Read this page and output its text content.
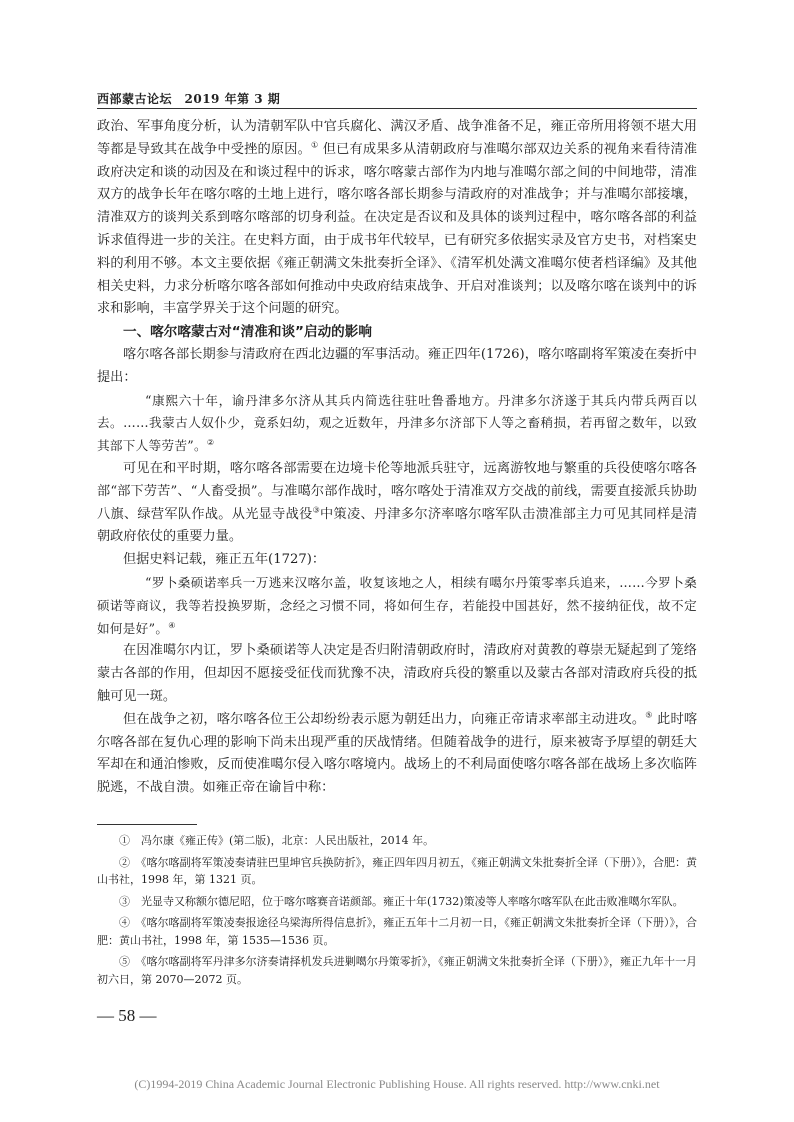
西部蒙古论坛　2019 年第 3 期

政治、军事角度分析，认为清朝军队中官兵腐化、满汉矛盾、战争准备不足，雍正帝所用将领不堪大用等都是导致其在战争中受挫的原因。① 但已有成果多从清朝政府与准噶尔部双边关系的视角来看待清准政府决定和谈的动因及在和谈过程中的诉求，喀尔喀蒙古部作为内地与准噶尔部之间的中间地带，清准双方的战争长年在喀尔喀的土地上进行，喀尔喀各部长期参与清政府的对准战争；并与准噶尔部接壤，清准双方的谈判关系到喀尔喀部的切身利益。在决定是否议和及具体的谈判过程中，喀尔喀各部的利益诉求值得进一步的关注。在史料方面，由于成书年代较早，已有研究多依据实录及官方史书，对档案史料的利用不够。本文主要依据《雍正朝满文朱批奏折全译》、《清军机处满文准噶尔使者档译编》及其他相关史料，力求分析喀尔喀各部如何推动中央政府结束战争、开启对准谈判；以及喀尔喀在谈判中的诉求和影响，丰富学界关于这个问题的研究。

一、喀尔喀蒙古对“清准和谈”启动的影响

喀尔喀各部长期参与清政府在西北边疆的军事活动。雍正四年(1726)，喀尔喀副将军策凌在奏折中提出：

“康熙六十年，谕丹津多尔济从其兵内简选往驻吐鲁番地方。丹津多尔济遂于其兵内带兵两百以去。……我蒙古人奴仆少，竟系妇幼，观之近数年，丹津多尔济部下人等之畜稍损，若再留之数年，以致其部下人等劳苦”。②

可见在和平时期，喀尔喀各部需要在边境卡伦等地派兵驻守，远离游牧地与繁重的兵役使喀尔喀各部“部下劳苦”、“人畜受损”。与准噶尔部作战时，喀尔喀处于清准双方交战的前线，需要直接派兵协助八旗、绿营军队作战。从光显寺战役③中策凌、丹津多尔济率喀尔喀军队击溃准部主力可见其同样是清朝政府依仗的重要力量。

但据史料记载，雍正五年(1727)：

“罗卜桑硕诺率兵一万逃来汉喀尔盖，收复该地之人，相续有噶尔丹策零率兵追来，……今罗卜桑硕诺等商议，我等若投换罗斯，念经之习惯不同，将如何生存，若能投中国甚好，然不接纳征伐，故不定如何是好”。④

在因准噶尔内讧，罗卜桑硕诺等人决定是否归附清朝政府时，清政府对黄教的尊崇无疑起到了笼络蒙古各部的作用，但却因不愿接受征伐而犹豫不决，清政府兵役的繁重以及蒙古各部对清政府兵役的抵触可见一斑。

但在战争之初，喀尔喀各位王公却纷纷表示愿为朝廷出力，向雍正帝请求率部主动进攻。⑤ 此时喀尔喀各部在复仇心理的影响下尚未出现严重的厌战情绪。但随着战争的进行，原来被寄予厚望的朝廷大军却在和通泊惨败，反而使准噶尔侵入喀尔喀境内。战场上的不利局面使喀尔喀各部在战场上多次临阵脱逃，不战自溃。如雍正帝在谕旨中称：

①　 冯尔康《雍正传》(第二版)，北京：人民出版社，2014 年。

②　 《喀尔喀副将军策凌奏请驻巴里坤官兵换防折》，雍正四年四月初五，《雍正朝满文朱批奏折全译（下册）》，合肥：黄山书社，1998 年，第 1321 页。

③　 光显寺又称额尔德尼昭，位于喀尔喀赛音诺颜部。雍正十年(1732)策凌等人率喀尔喀军队在此击败准噶尔军队。

④　 《喀尔喀副将军策凌奏报途径乌梁海所得信息折》，雍正五年十二月初一日，《雍正朝满文朱批奏折全译（下册）》，合肥：黄山书社，1998 年，第 1535—1536 页。

⑤　 《喀尔喀副将军丹津多尔济奏请择机发兵进剿噶尔丹策零折》，《雍正朝满文朱批奏折全译（下册）》，雍正九年十一月初六日，第 2070—2072 页。

— 58 —
(C)1994-2019 China Academic Journal Electronic Publishing House. All rights reserved. http://www.cnki.net
